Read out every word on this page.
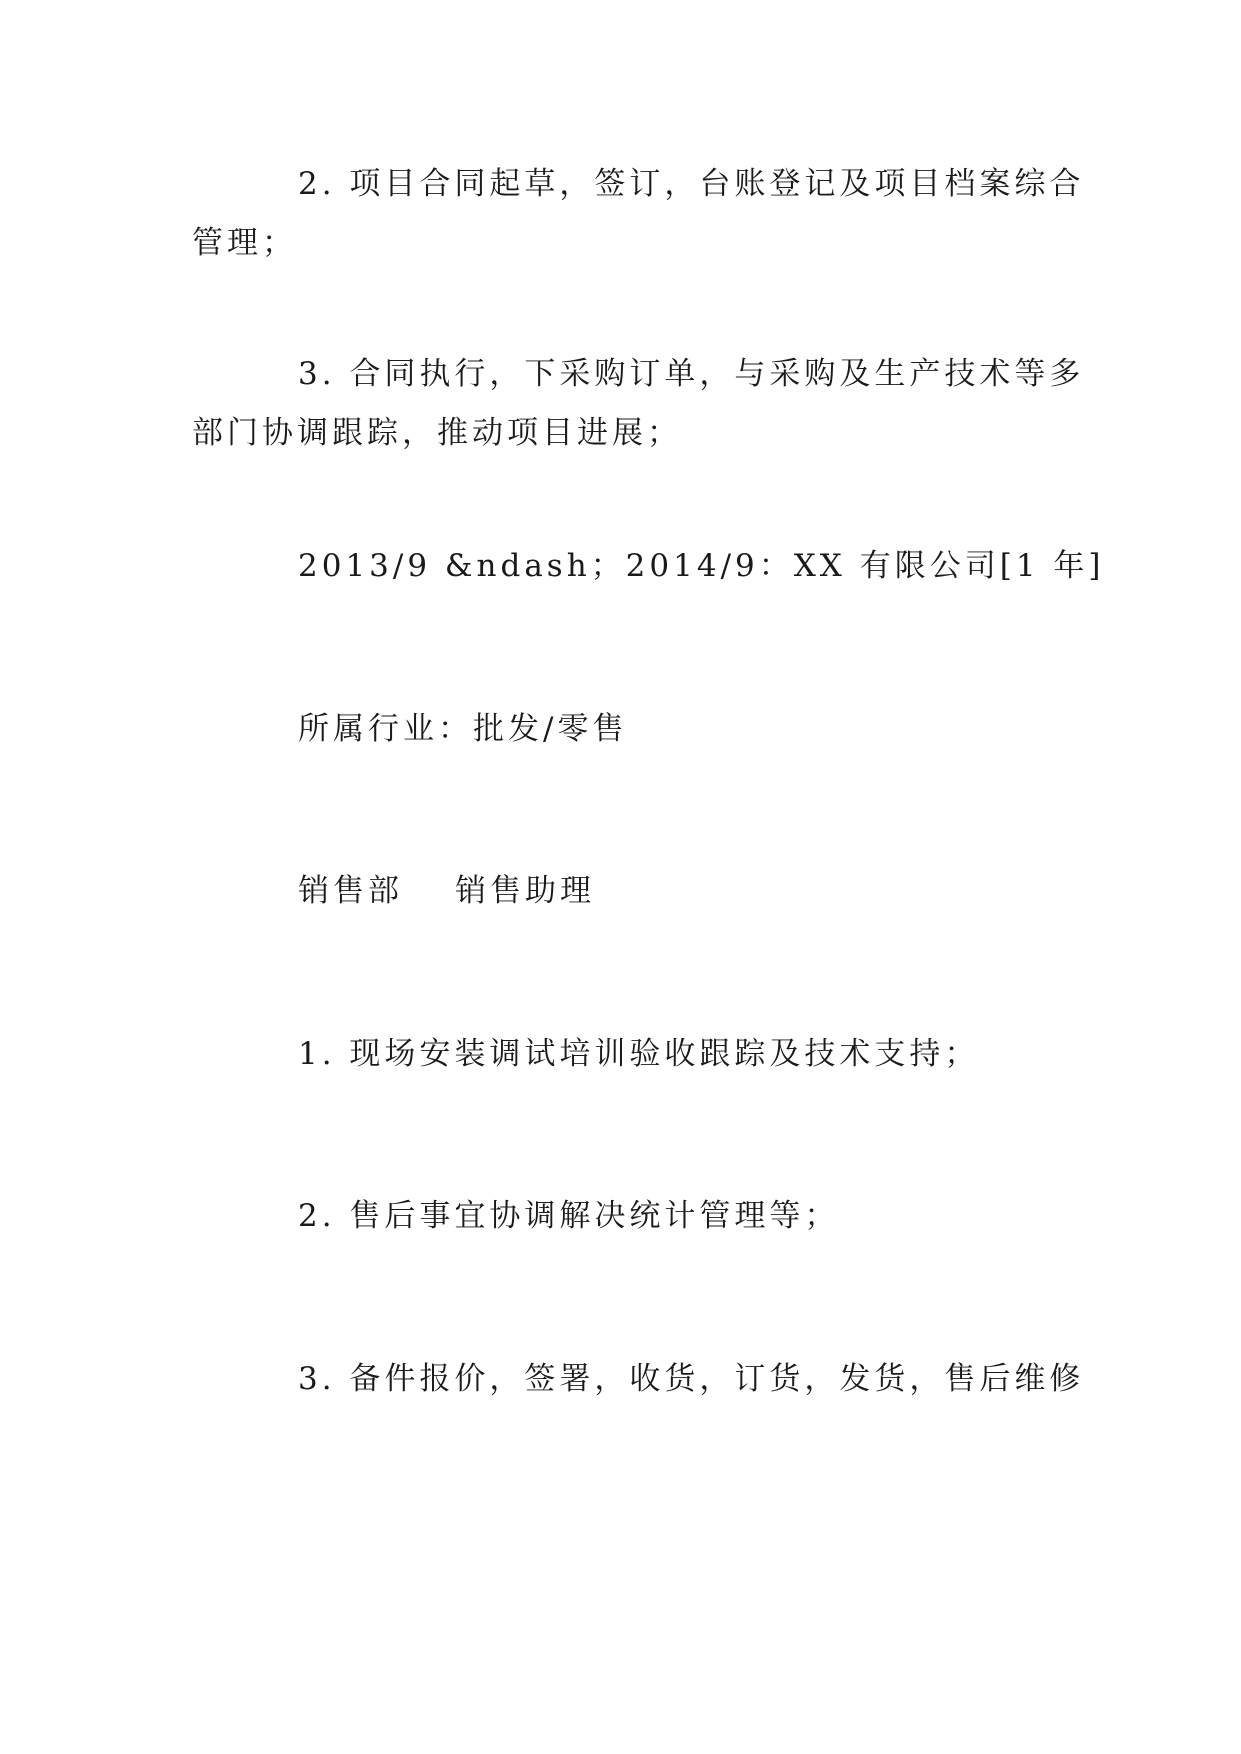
2. 项目合同起草，签订，台账登记及项目档案综合

管理；

3. 合同执行，下采购订单，与采购及生产技术等多

部门协调跟踪，推动项目进展；

2013/9 &ndash；2014/9：XX 有限公司[1 年]

所属行业：批发/零售

销售部 销售助理

1. 现场安装调试培训验收跟踪及技术支持；

2. 售后事宜协调解决统计管理等；

3. 备件报价，签署，收货，订货，发货，售后维修
